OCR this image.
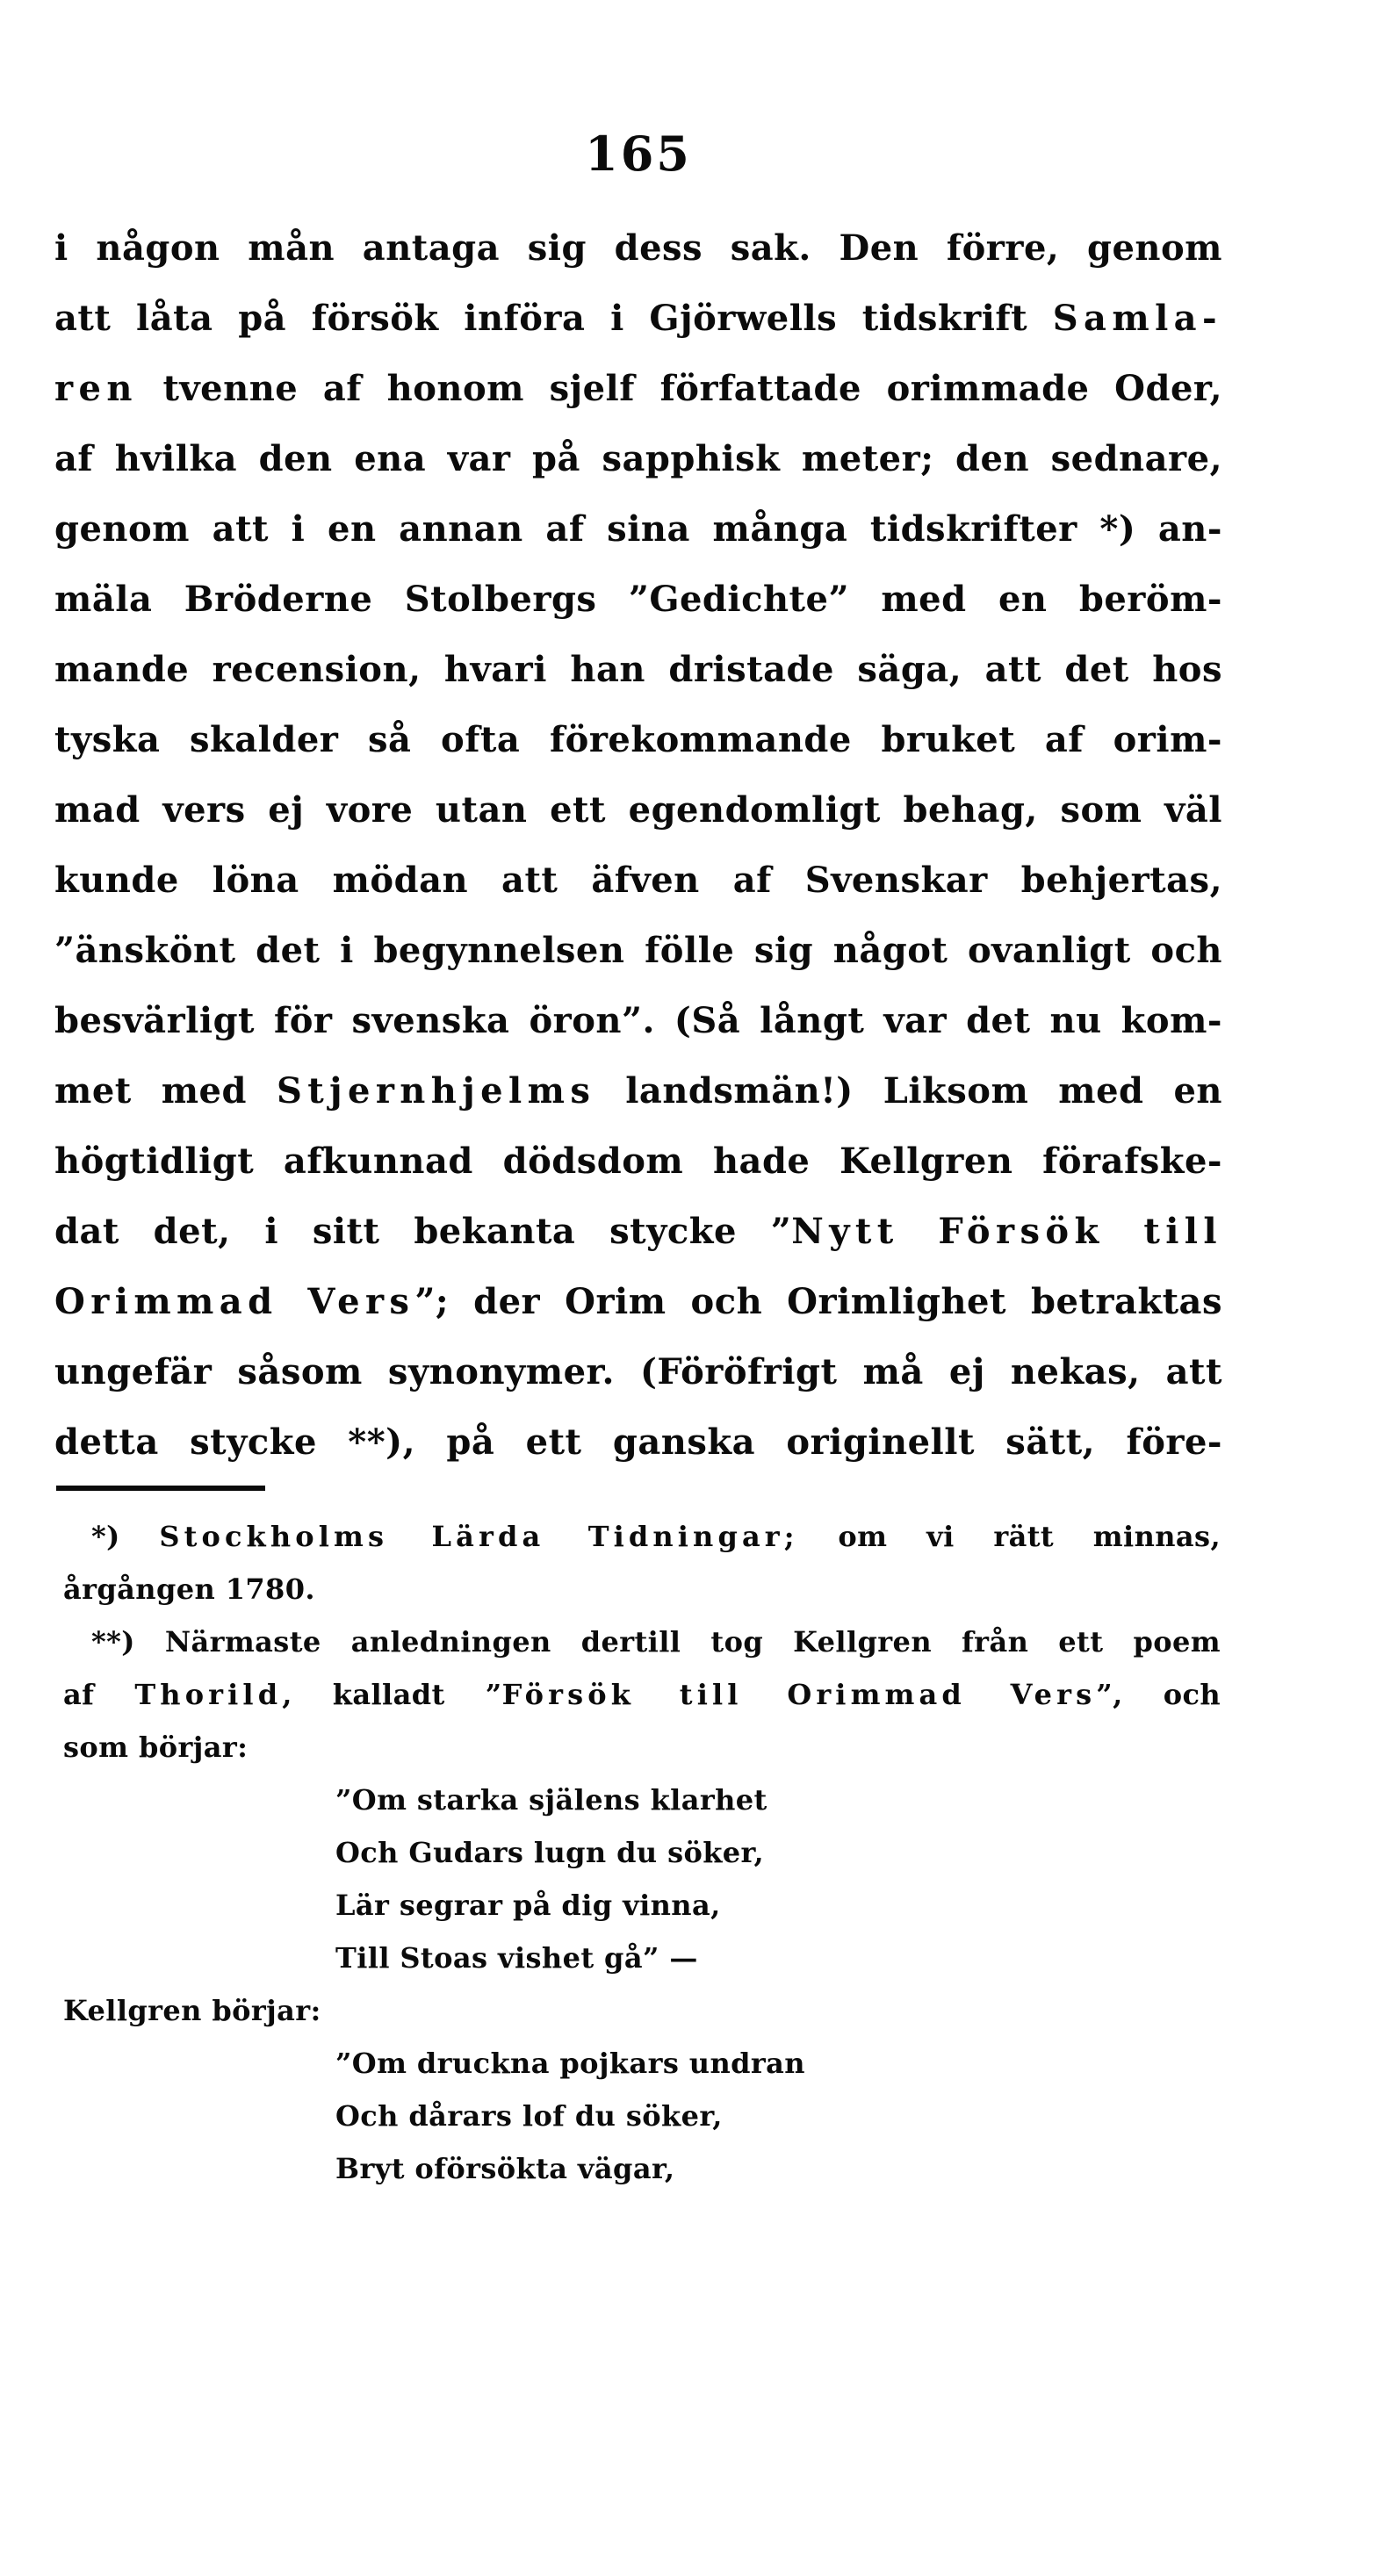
165
i någon mån antaga sig dess sak. Den förre, genom
att låta på försök införa i Gjörwells tidskrift Samla-
ren tvenne af honom sjelf författade orimmade Oder,
af hvilka den ena var på sapphisk meter; den sednare,
genom att i en annan af sina många tidskrifter *) an-
mäla Bröderne Stolbergs ”Gedichte” med en beröm-
mande recension, hvari han dristade säga, att det hos
tyska skalder så ofta förekommande bruket af orim-
mad vers ej vore utan ett egendomligt behag, som väl
kunde löna mödan att äfven af Svenskar behjertas,
”änskönt det i begynnelsen fölle sig något ovanligt och
besvärligt för svenska öron”. (Så långt var det nu kom-
met med Stjernhjelms landsmän!) Liksom med en
högtidligt afkunnad dödsdom hade Kellgren förafske-
dat det, i sitt bekanta stycke ”Nytt Försök till
Orimmad Vers”; der Orim och Orimlighet betraktas
ungefär såsom synonymer. (Föröfrigt må ej nekas, att
detta stycke **), på ett ganska originellt sätt, före-
*) Stockholms Lärda Tidningar; om vi rätt minnas,
årgången 1780.
**) Närmaste anledningen dertill tog Kellgren från ett poem
af Thorild, kalladt ”Försök till Orimmad Vers”, och
som börjar:
”Om starka själens klarhet
Och Gudars lugn du söker,
Lär segrar på dig vinna,
Till Stoas vishet gå” —
Kellgren börjar:
”Om druckna pojkars undran
Och dårars lof du söker,
Bryt oförsökta vägar,
